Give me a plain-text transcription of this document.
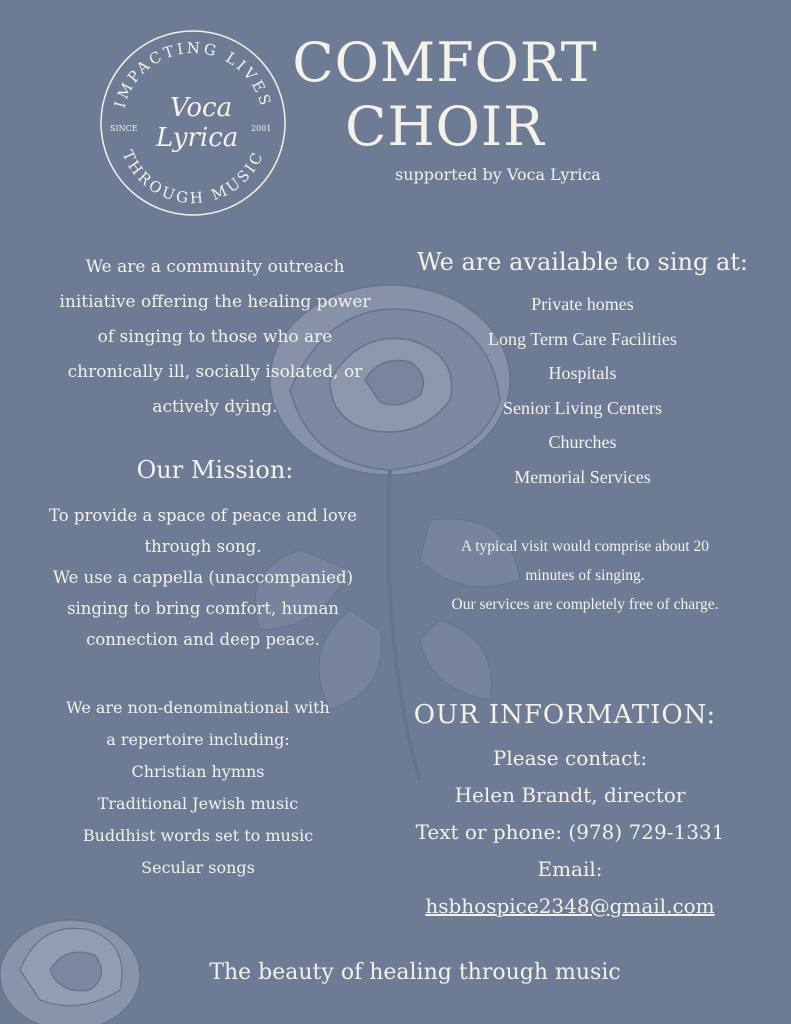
IMPACTING LIVES
THROUGH MUSIC
SINCE	2001
Voca
Lyrica
COMFORT
CHOIR
supported by Voca Lyrica
We are a community outreach
initiative offering the healing power
of singing to those who are
chronically ill, socially isolated, or
actively dying.
Our Mission:
To provide a space of peace and love
through song.
We use a cappella (unaccompanied)
singing to bring comfort, human
connection and deep peace.
We are non-denominational with
a repertoire including:
Christian hymns
Traditional Jewish music
Buddhist words set to music
Secular songs
We are available to sing at:
Private homes
Long Term Care Facilities
Hospitals
Senior Living Centers
Churches
Memorial Services
A typical visit would comprise about 20
minutes of singing.
Our services are completely free of charge.
OUR INFORMATION:
Please contact:
Helen Brandt, director
Text or phone: (978) 729-1331
Email: hsbhospice2348@gmail.com
The beauty of healing through music
